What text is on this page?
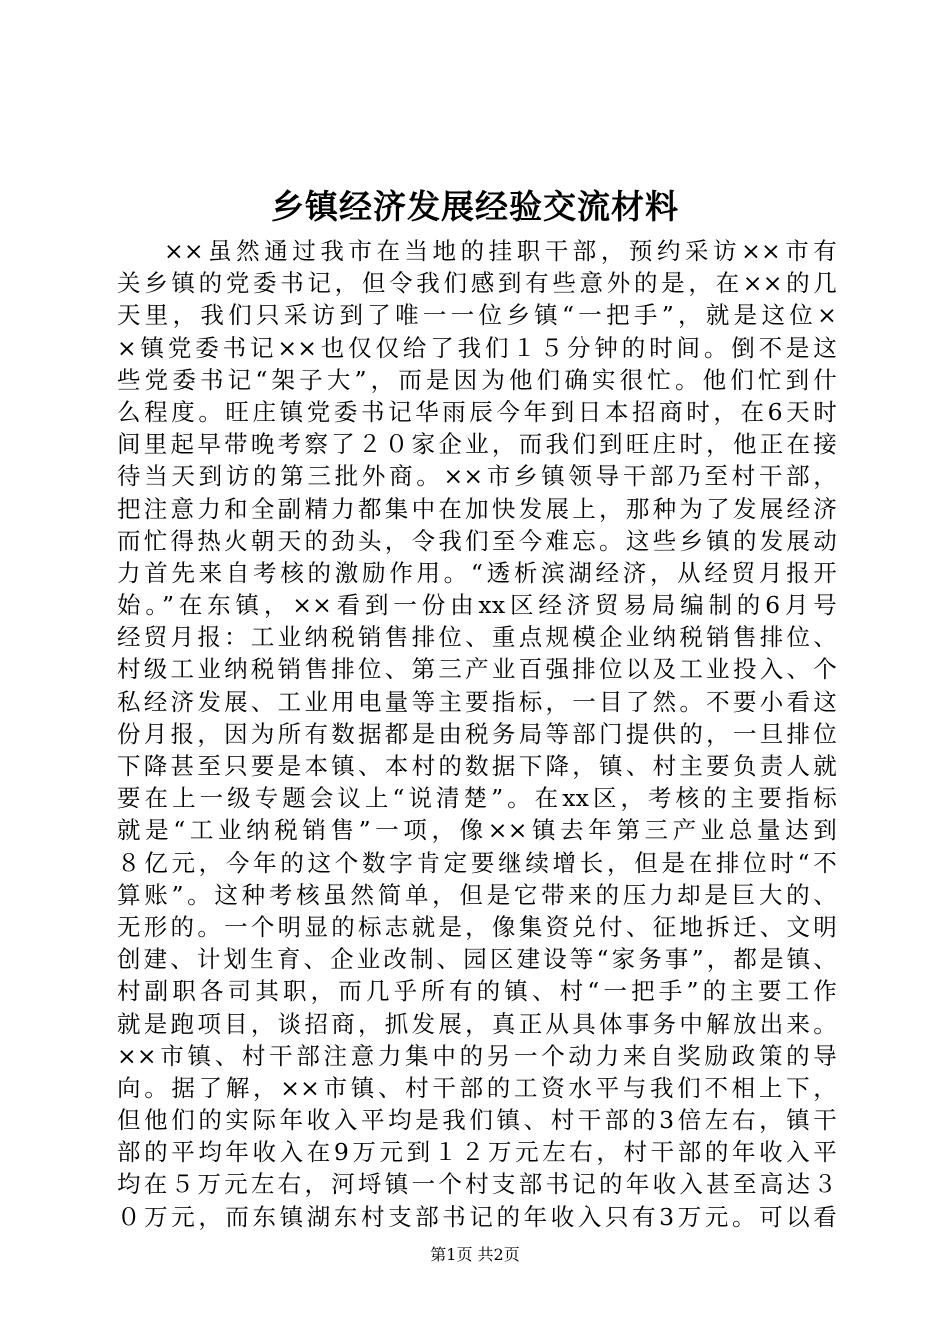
乡镇经济发展经验交流材料
××虽然通过我市在当地的挂职干部，预约采访××市有
关乡镇的党委书记，但令我们感到有些意外的是，在××的几
天里，我们只采访到了唯一一位乡镇“一把手”，就是这位×
×镇党委书记××也仅仅给了我们１５分钟的时间。倒不是这
些党委书记“架子大”，而是因为他们确实很忙。他们忙到什
么程度。旺庄镇党委书记华雨辰今年到日本招商时，在6天时
间里起早带晚考察了２０家企业，而我们到旺庄时，他正在接
待当天到访的第三批外商。××市乡镇领导干部乃至村干部，
把注意力和全副精力都集中在加快发展上，那种为了发展经济
而忙得热火朝天的劲头，令我们至今难忘。这些乡镇的发展动
力首先来自考核的激励作用。“透析滨湖经济，从经贸月报开
始。”在东镇，××看到一份由xx区经济贸易局编制的6月号
经贸月报：工业纳税销售排位、重点规模企业纳税销售排位、
村级工业纳税销售排位、第三产业百强排位以及工业投入、个
私经济发展、工业用电量等主要指标，一目了然。不要小看这
份月报，因为所有数据都是由税务局等部门提供的，一旦排位
下降甚至只要是本镇、本村的数据下降，镇、村主要负责人就
要在上一级专题会议上“说清楚”。在xx区，考核的主要指标
就是“工业纳税销售”一项，像××镇去年第三产业总量达到
８亿元，今年的这个数字肯定要继续增长，但是在排位时“不
算账”。这种考核虽然简单，但是它带来的压力却是巨大的、
无形的。一个明显的标志就是，像集资兑付、征地拆迁、文明
创建、计划生育、企业改制、园区建设等“家务事”，都是镇、
村副职各司其职，而几乎所有的镇、村“一把手”的主要工作
就是跑项目，谈招商，抓发展，真正从具体事务中解放出来。
××市镇、村干部注意力集中的另一个动力来自奖励政策的导
向。据了解，××市镇、村干部的工资水平与我们不相上下，
但他们的实际年收入平均是我们镇、村干部的3倍左右，镇干
部的平均年收入在9万元到１２万元左右，村干部的年收入平
均在５万元左右，河埒镇一个村支部书记的年收入甚至高达３
０万元，而东镇湖东村支部书记的年收入只有3万元。可以看
第1页 共2页
